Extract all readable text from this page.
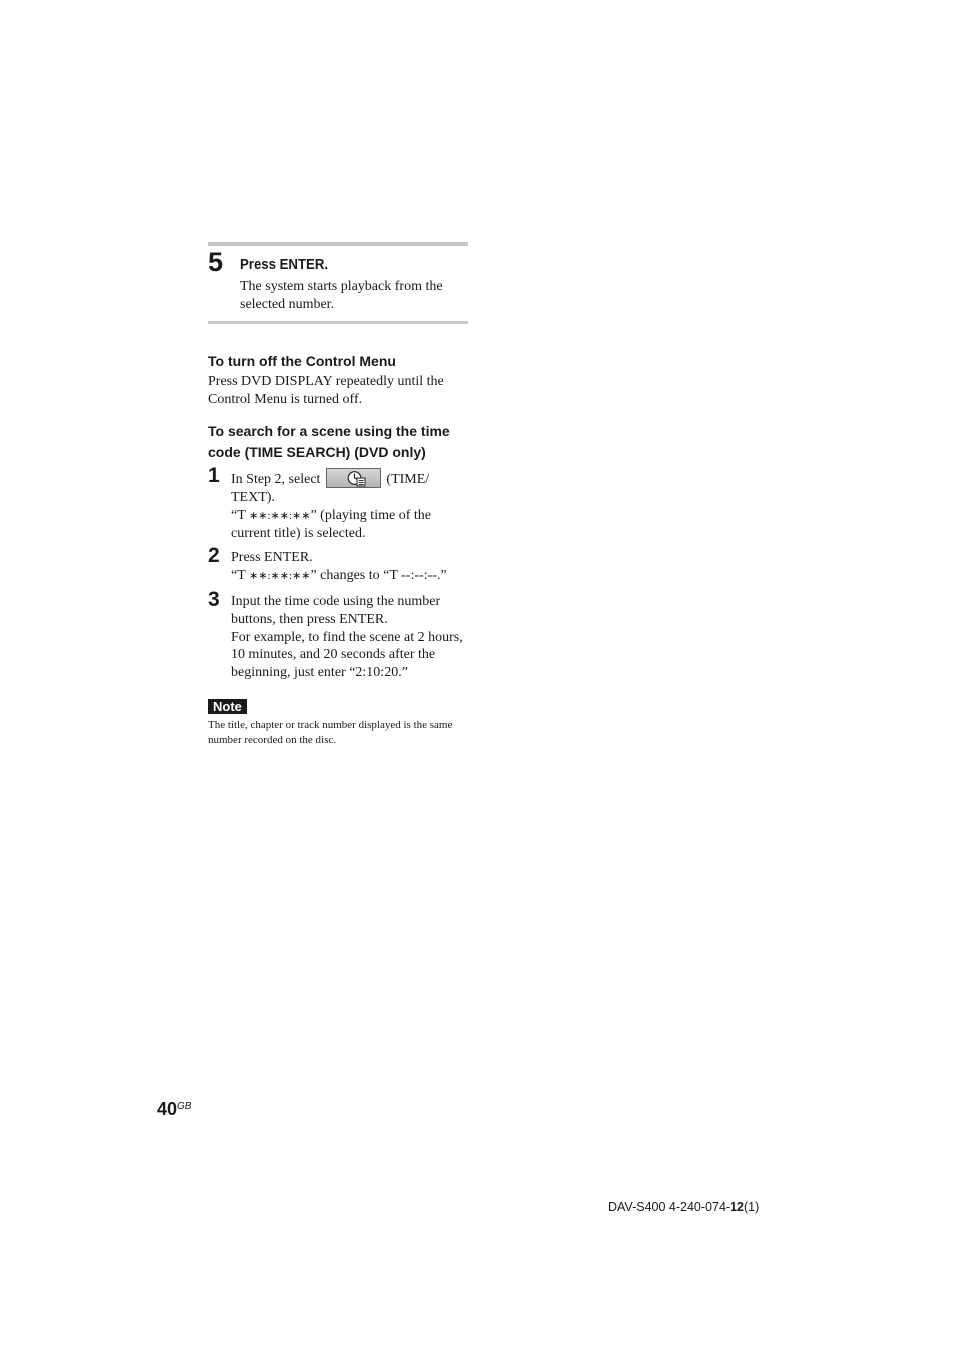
5 Press ENTER.
The system starts playback from the selected number.
To turn off the Control Menu
Press DVD DISPLAY repeatedly until the Control Menu is turned off.
To search for a scene using the time code (TIME SEARCH) (DVD only)
1 In Step 2, select	(TIME/ TEXT).
“T ∗∗:∗∗:∗∗” (playing time of the current title) is selected.
2 Press ENTER.
“T ∗∗:∗∗:∗∗” changes to “T --:--:--.”
3 Input the time code using the number buttons, then press ENTER.
For example, to find the scene at 2 hours, 10 minutes, and 20 seconds after the beginning, just enter “2:10:20.”
Note
The title, chapter or track number displayed is the same number recorded on the disc.
$40^{GB}$
DAV-S400 4-240-074-12(1)
